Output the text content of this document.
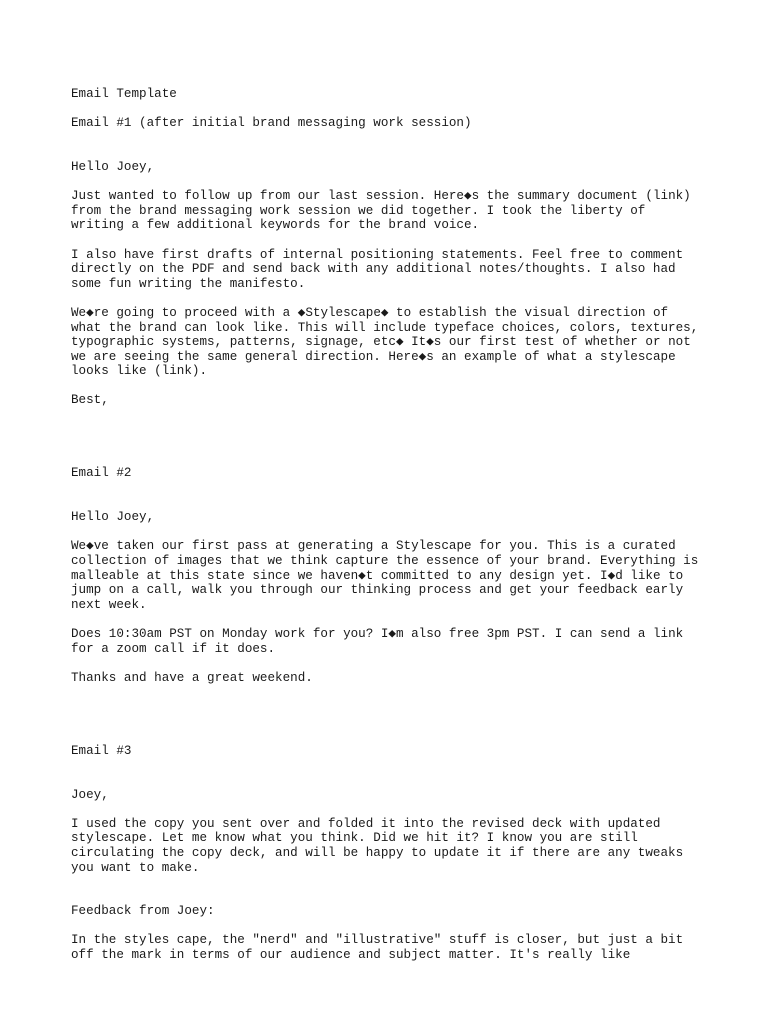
Email Template

Email #1 (after initial brand messaging work session)

Hello Joey,

Just wanted to follow up from our last session. Here◆s the summary document (link)
from the brand messaging work session we did together. I took the liberty of
writing a few additional keywords for the brand voice.

I also have first drafts of internal positioning statements. Feel free to comment
directly on the PDF and send back with any additional notes/thoughts. I also had
some fun writing the manifesto.

We◆re going to proceed with a ◆Stylescape◆ to establish the visual direction of
what the brand can look like. This will include typeface choices, colors, textures,
typographic systems, patterns, signage, etc◆ It◆s our first test of whether or not
we are seeing the same general direction. Here◆s an example of what a stylescape
looks like (link).

Best,

Email #2

Hello Joey,

We◆ve taken our first pass at generating a Stylescape for you. This is a curated
collection of images that we think capture the essence of your brand. Everything is
malleable at this state since we haven◆t committed to any design yet. I◆d like to
jump on a call, walk you through our thinking process and get your feedback early
next week.

Does 10:30am PST on Monday work for you? I◆m also free 3pm PST. I can send a link
for a zoom call if it does.

Thanks and have a great weekend.

Email #3

Joey,

I used the copy you sent over and folded it into the revised deck with updated
stylescape. Let me know what you think. Did we hit it? I know you are still
circulating the copy deck, and will be happy to update it if there are any tweaks
you want to make.

Feedback from Joey:

In the styles cape, the "nerd" and "illustrative" stuff is closer, but just a bit
off the mark in terms of our audience and subject matter. It's really like
